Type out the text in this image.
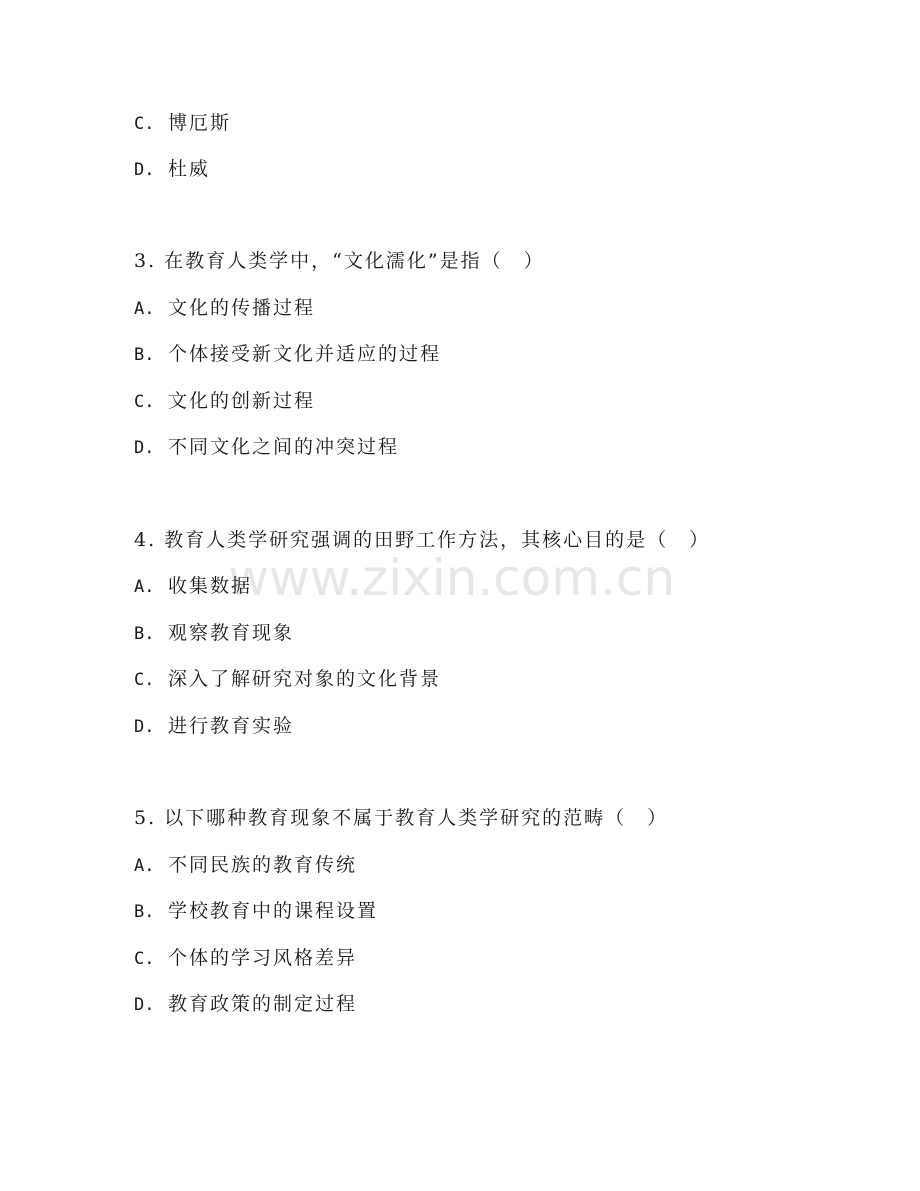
www.zixin.com.cn
C. 博厄斯
D. 杜威
3. 在教育人类学中，“文化濡化”是指（　）
A. 文化的传播过程
B. 个体接受新文化并适应的过程
C. 文化的创新过程
D. 不同文化之间的冲突过程
4. 教育人类学研究强调的田野工作方法，其核心目的是（　）
A. 收集数据
B. 观察教育现象
C. 深入了解研究对象的文化背景
D. 进行教育实验
5. 以下哪种教育现象不属于教育人类学研究的范畴（　）
A. 不同民族的教育传统
B. 学校教育中的课程设置
C. 个体的学习风格差异
D. 教育政策的制定过程
